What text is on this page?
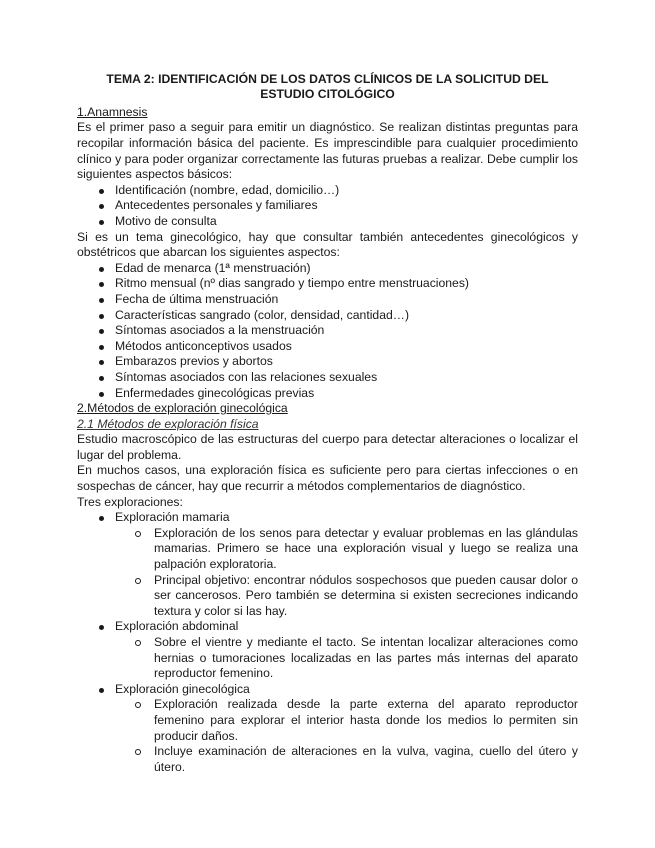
TEMA 2: IDENTIFICACIÓN DE LOS DATOS CLÍNICOS DE LA SOLICITUD DEL ESTUDIO CITOLÓGICO
1.Anamnesis

Es el primer paso a seguir para emitir un diagnóstico. Se realizan distintas preguntas para recopilar información básica del paciente. Es imprescindible para cualquier procedimiento clínico y para poder organizar correctamente las futuras pruebas a realizar. Debe cumplir los siguientes aspectos básicos:

Identificación (nombre, edad, domicilio…)
Antecedentes personales y familiares
Motivo de consulta

Si es un tema ginecológico, hay que consultar también antecedentes ginecológicos y obstétricos que abarcan los siguientes aspectos:

Edad de menarca (1ª menstruación)
Ritmo mensual (nº dias sangrado y tiempo entre menstruaciones)
Fecha de última menstruación
Características sangrado (color, densidad, cantidad…)
Síntomas asociados a la menstruación
Métodos anticonceptivos usados
Embarazos previos y abortos
Síntomas asociados con las relaciones sexuales
Enfermedades ginecológicas previas
2.Métodos de exploración ginecológica
2.1 Métodos de exploración física

Estudio macroscópico de las estructuras del cuerpo para detectar alteraciones o localizar el lugar del problema.

En muchos casos, una exploración física es suficiente pero para ciertas infecciones o en sospechas de cáncer, hay que recurrir a métodos complementarios de diagnóstico.

Tres exploraciones:

Exploración mamaria
Exploración de los senos para detectar y evaluar problemas en las glándulas mamarias. Primero se hace una exploración visual y luego se realiza una palpación exploratoria.
Principal objetivo: encontrar nódulos sospechosos que pueden causar dolor o ser cancerosos. Pero también se determina si existen secreciones indicando textura y color si las hay.
Exploración abdominal
Sobre el vientre y mediante el tacto. Se intentan localizar alteraciones como hernias o tumoraciones localizadas en las partes más internas del aparato reproductor femenino.
Exploración ginecológica
Exploración realizada desde la parte externa del aparato reproductor femenino para explorar el interior hasta donde los medios lo permiten sin producir daños.
Incluye examinación de alteraciones en la vulva, vagina, cuello del útero y útero.
